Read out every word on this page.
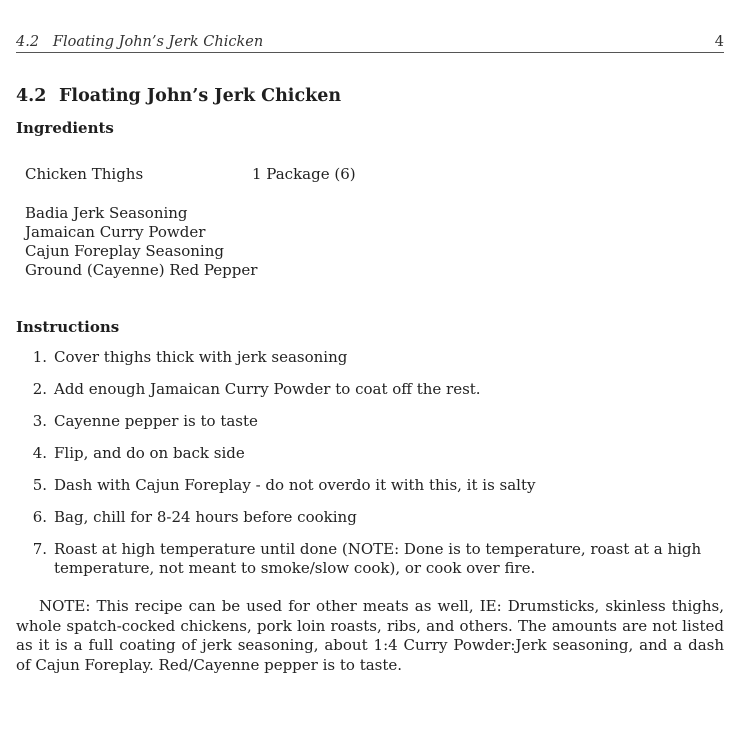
4.2 Floating John’s Jerk Chicken	4
4.2 Floating John’s Jerk Chicken
Ingredients
Chicken Thighs	1 Package (6)
Badia Jerk Seasoning
Jamaican Curry Powder
Cajun Foreplay Seasoning
Ground (Cayenne) Red Pepper
Instructions
1. Cover thighs thick with jerk seasoning
2. Add enough Jamaican Curry Powder to coat off the rest.
3. Cayenne pepper is to taste
4. Flip, and do on back side
5. Dash with Cajun Foreplay - do not overdo it with this, it is salty
6. Bag, chill for 8-24 hours before cooking
7. Roast at high temperature until done (NOTE: Done is to temperature, roast at a high temperature, not meant to smoke/slow cook), or cook over fire.

NOTE: This recipe can be used for other meats as well, IE: Drumsticks, skinless thighs, whole spatch-cocked chickens, pork loin roasts, ribs, and others. The amounts are not listed as it is a full coating of jerk seasoning, about 1:4 Curry Powder:Jerk seasoning, and a dash of Cajun Foreplay. Red/Cayenne pepper is to taste.
